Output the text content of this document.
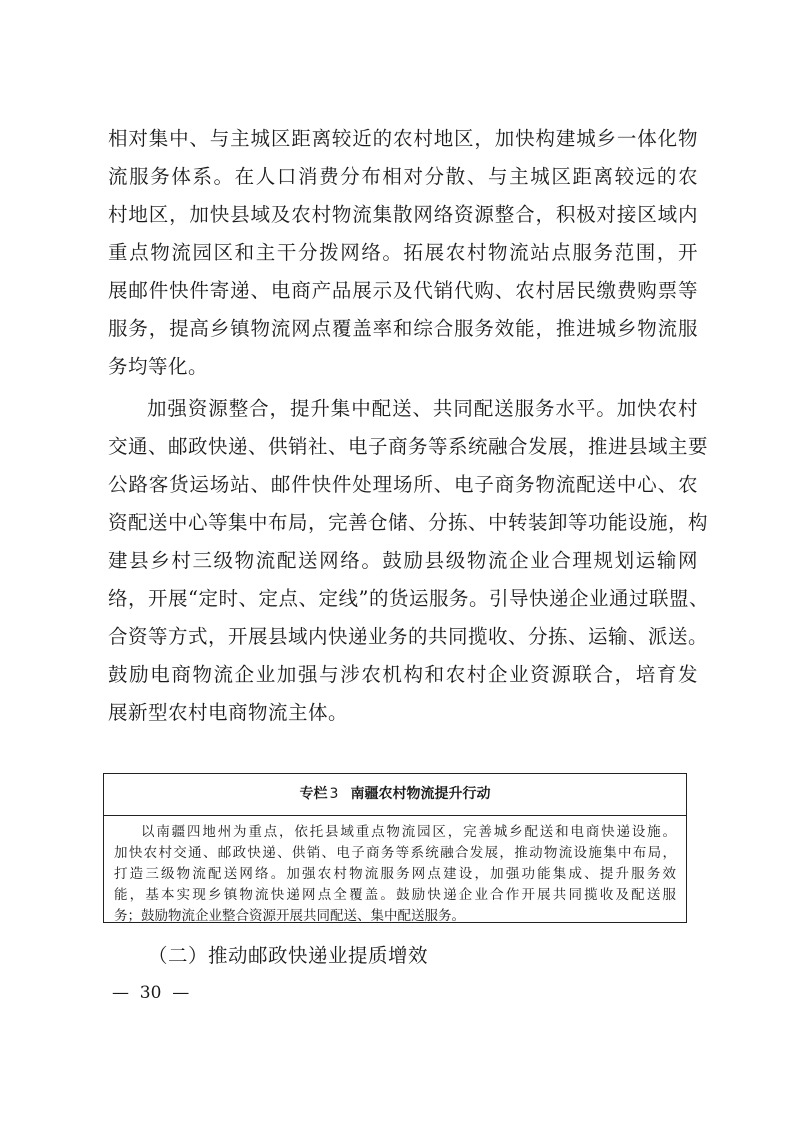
相对集中、与主城区距离较近的农村地区，加快构建城乡一体化物
流服务体系。在人口消费分布相对分散、与主城区距离较远的农
村地区，加快县域及农村物流集散网络资源整合，积极对接区域内
重点物流园区和主干分拨网络。拓展农村物流站点服务范围，开
展邮件快件寄递、电商产品展示及代销代购、农村居民缴费购票等
服务，提高乡镇物流网点覆盖率和综合服务效能，推进城乡物流服
务均等化。
加强资源整合，提升集中配送、共同配送服务水平。加快农村
交通、邮政快递、供销社、电子商务等系统融合发展，推进县域主要
公路客货运场站、邮件快件处理场所、电子商务物流配送中心、农
资配送中心等集中布局，完善仓储、分拣、中转装卸等功能设施，构
建县乡村三级物流配送网络。鼓励县级物流企业合理规划运输网
络，开展“定时、定点、定线”的货运服务。引导快递企业通过联盟、
合资等方式，开展县域内快递业务的共同揽收、分拣、运输、派送。
鼓励电商物流企业加强与涉农机构和农村企业资源联合，培育发
展新型农村电商物流主体。
专栏 3 南疆农村物流提升行动
以南疆四地州为重点，依托县域重点物流园区，完善城乡配送和电商快递设施。
加快农村交通、邮政快递、供销、电子商务等系统融合发展，推动物流设施集中布局，
打造三级物流配送网络。加强农村物流服务网点建设，加强功能集成、提升服务效
能，基本实现乡镇物流快递网点全覆盖。鼓励快递企业合作开展共同揽收及配送服
务；鼓励物流企业整合资源开展共同配送、集中配送服务。
（二）推动邮政快递业提质增效
—  30  —
